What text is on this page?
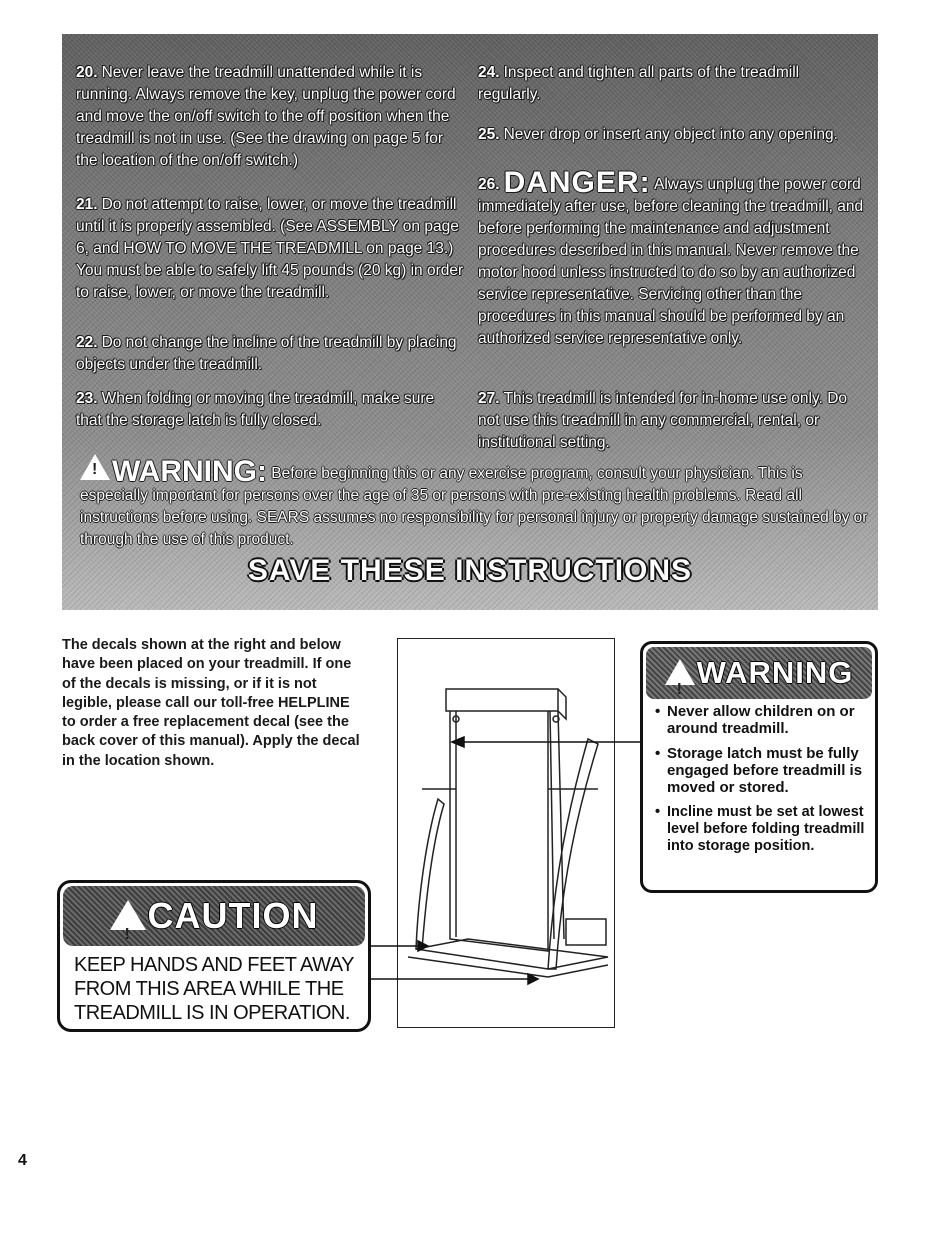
20. Never leave the treadmill unattended while it is running. Always remove the key, unplug the power cord and move the on/off switch to the off position when the treadmill is not in use. (See the drawing on page 5 for the location of the on/off switch.)
21. Do not attempt to raise, lower, or move the treadmill until it is properly assembled. (See ASSEMBLY on page 6, and HOW TO MOVE THE TREADMILL on page 13.) You must be able to safely lift 45 pounds (20 kg) in order to raise, lower, or move the treadmill.
22. Do not change the incline of the treadmill by placing objects under the treadmill.
23. When folding or moving the treadmill, make sure that the storage latch is fully closed.
24. Inspect and tighten all parts of the treadmill regularly.
25. Never drop or insert any object into any opening.
26. DANGER: Always unplug the power cord immediately after use, before cleaning the treadmill, and before performing the maintenance and adjustment procedures described in this manual. Never remove the motor hood unless instructed to do so by an authorized service representative. Servicing other than the procedures in this manual should be performed by an authorized service representative only.
27. This treadmill is intended for in-home use only. Do not use this treadmill in any commercial, rental, or institutional setting.
!WARNING: Before beginning this or any exercise program, consult your physician. This is especially important for persons over the age of 35 or persons with pre-existing health problems. Read all instructions before using. SEARS assumes no responsibility for personal injury or property damage sustained by or through the use of this product.
SAVE THESE INSTRUCTIONS
The decals shown at the right and below have been placed on your treadmill. If one of the decals is missing, or if it is not legible, please call our toll-free HELPLINE to order a free replacement decal (see the back cover of this manual). Apply the decal in the location shown.
!WARNING
• Never allow children on or around treadmill.
• Storage latch must be fully engaged before treadmill is moved or stored.
• Incline must be set at lowest level before folding treadmill into storage position.
!CAUTION
KEEP HANDS AND FEET AWAY FROM THIS AREA WHILE THE TREADMILL IS IN OPERATION.
4
